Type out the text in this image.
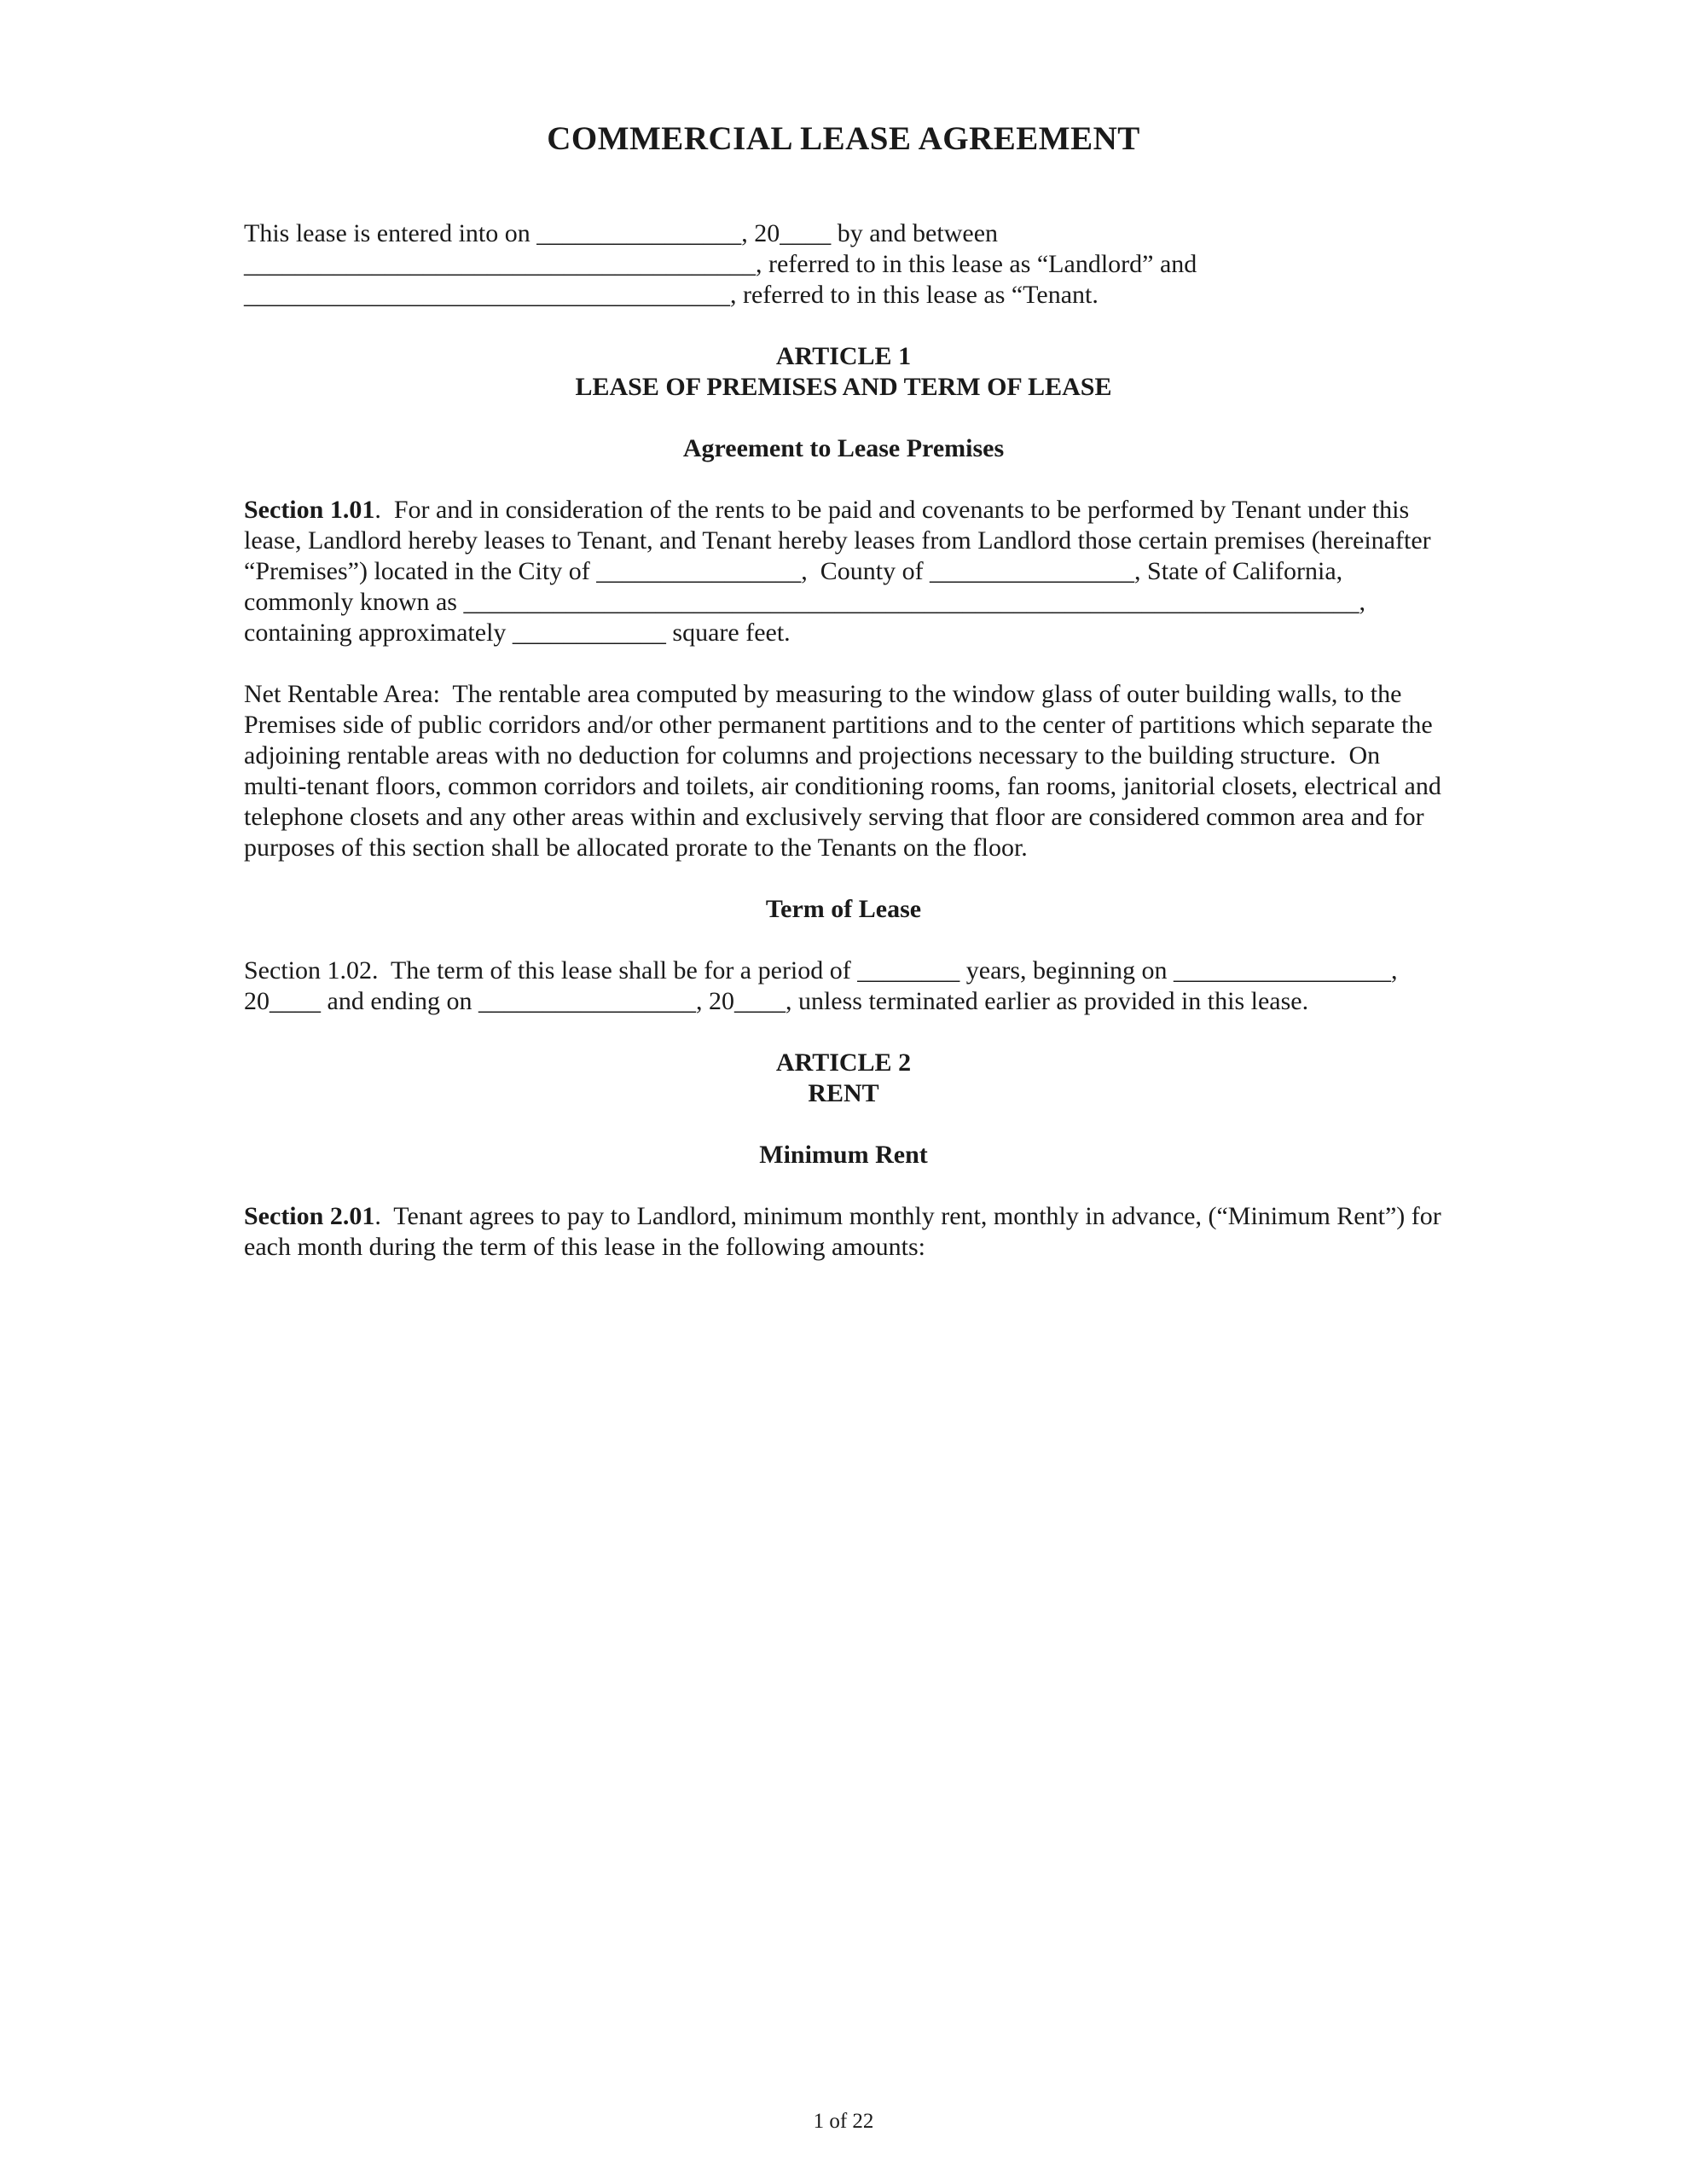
COMMERCIAL LEASE AGREEMENT

This lease is entered into on ________________, 20____ by and between ________________________________________, referred to in this lease as “Landlord” and ______________________________________, referred to in this lease as “Tenant.

ARTICLE 1
LEASE OF PREMISES AND TERM OF LEASE
Agreement to Lease Premises

Section 1.01.  For and in consideration of the rents to be paid and covenants to be performed by Tenant under this lease, Landlord hereby leases to Tenant, and Tenant hereby leases from Landlord those certain premises (hereinafter “Premises”) located in the City of ________________,  County of ________________, State of California, commonly known as ______________________________________________________________________, containing approximately ____________ square feet.

Net Rentable Area:  The rentable area computed by measuring to the window glass of outer building walls, to the Premises side of public corridors and/or other permanent partitions and to the center of partitions which separate the adjoining rentable areas with no deduction for columns and projections necessary to the building structure.  On multi-tenant floors, common corridors and toilets, air conditioning rooms, fan rooms, janitorial closets, electrical and telephone closets and any other areas within and exclusively serving that floor are considered common area and for purposes of this section shall be allocated prorate to the Tenants on the floor.

Term of Lease

Section 1.02.  The term of this lease shall be for a period of ________ years, beginning on _________________, 20____ and ending on _________________, 20____, unless terminated earlier as provided in this lease.

ARTICLE 2
RENT
Minimum Rent

Section 2.01.  Tenant agrees to pay to Landlord, minimum monthly rent, monthly in advance, (“Minimum Rent”) for each month during the term of this lease in the following amounts:

1 of 22
